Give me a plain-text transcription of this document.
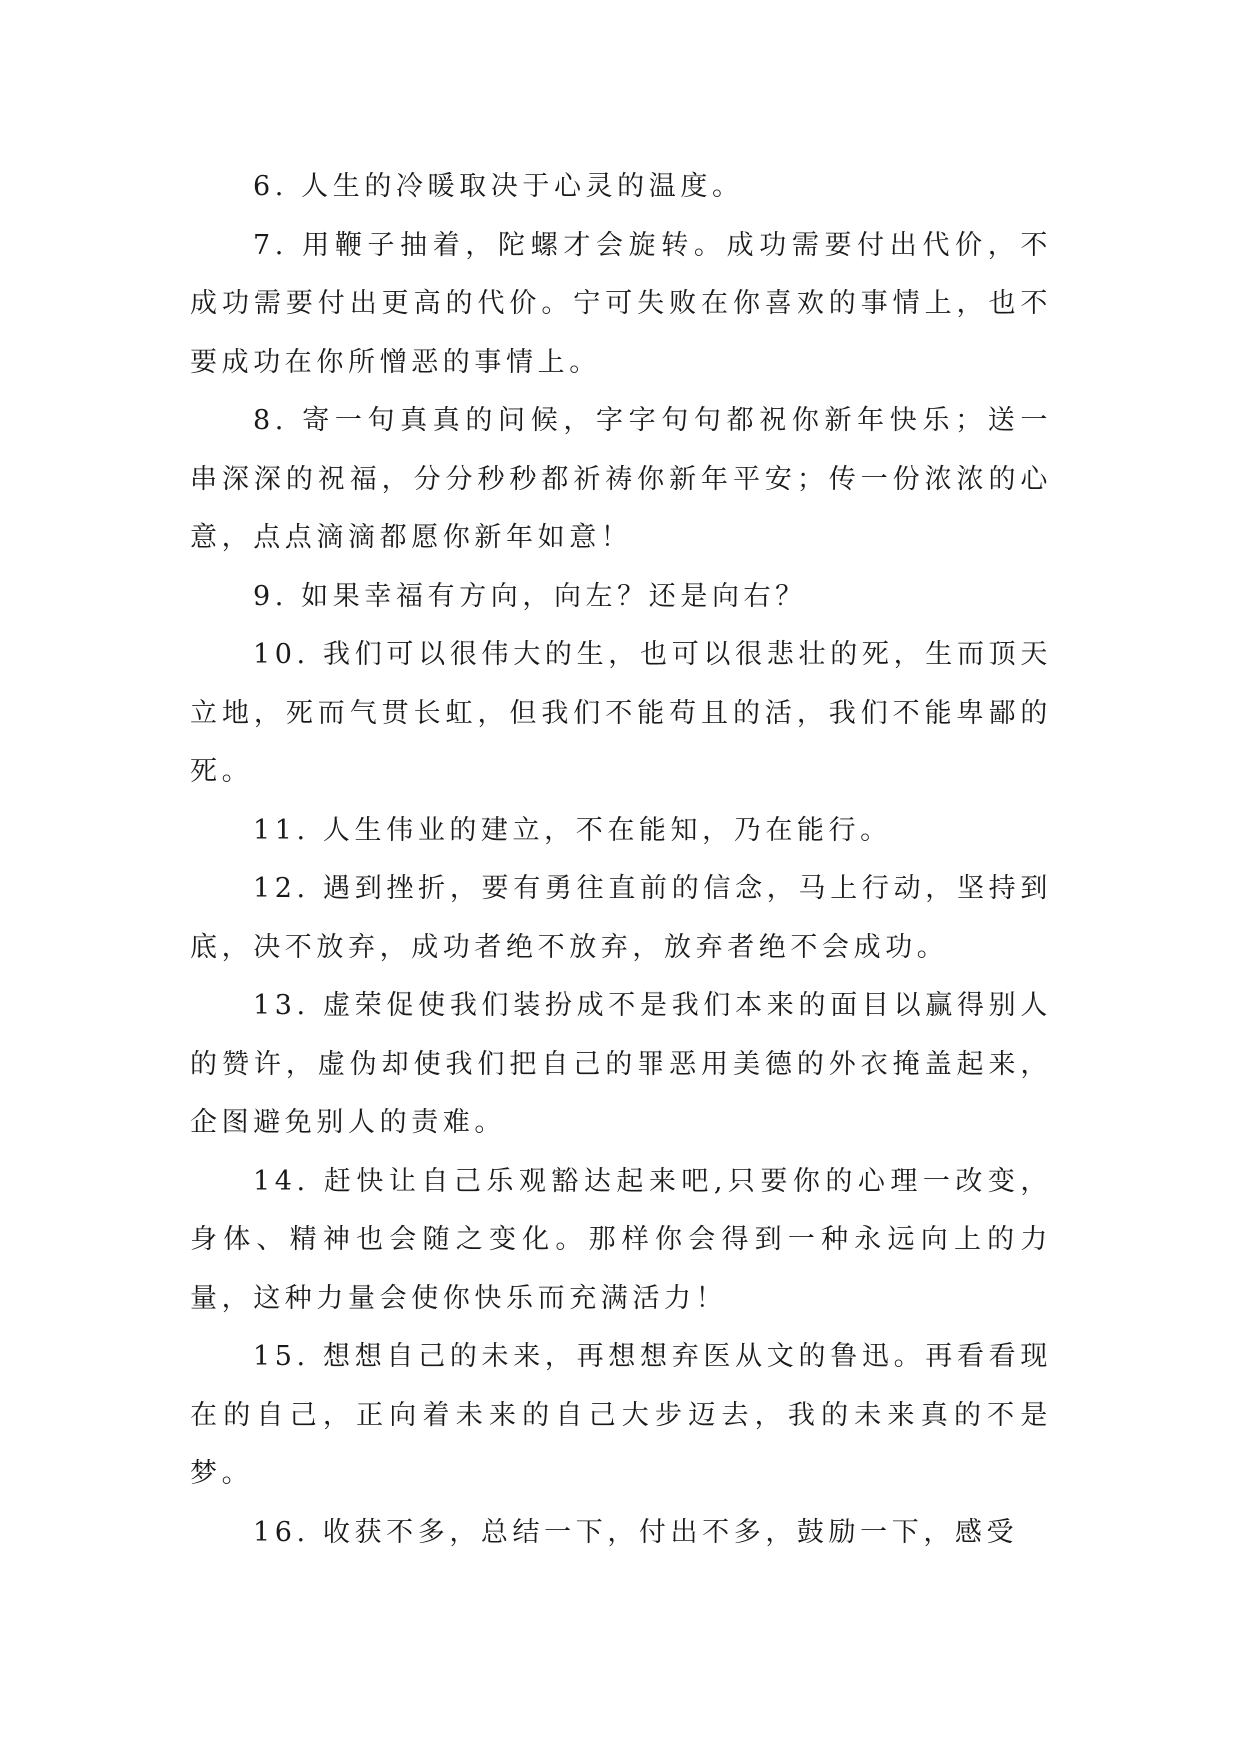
6. 人生的冷暖取决于心灵的温度。

7. 用鞭子抽着，陀螺才会旋转。成功需要付出代价，不成功需要付出更高的代价。宁可失败在你喜欢的事情上，也不要成功在你所憎恶的事情上。

8. 寄一句真真的问候，字字句句都祝你新年快乐；送一串深深的祝福，分分秒秒都祈祷你新年平安；传一份浓浓的心意，点点滴滴都愿你新年如意！

9. 如果幸福有方向，向左？还是向右？

10. 我们可以很伟大的生，也可以很悲壮的死，生而顶天立地，死而气贯长虹，但我们不能苟且的活，我们不能卑鄙的死。

11. 人生伟业的建立，不在能知，乃在能行。

12. 遇到挫折，要有勇往直前的信念，马上行动，坚持到底，决不放弃，成功者绝不放弃，放弃者绝不会成功。

13. 虚荣促使我们装扮成不是我们本来的面目以赢得别人的赞许，虚伪却使我们把自己的罪恶用美德的外衣掩盖起来，企图避免别人的责难。

14. 赶快让自己乐观豁达起来吧,只要你的心理一改变，身体、精神也会随之变化。那样你会得到一种永远向上的力量，这种力量会使你快乐而充满活力！

15. 想想自己的未来，再想想弃医从文的鲁迅。再看看现在的自己，正向着未来的自己大步迈去，我的未来真的不是梦。

16. 收获不多，总结一下，付出不多，鼓励一下，感受
